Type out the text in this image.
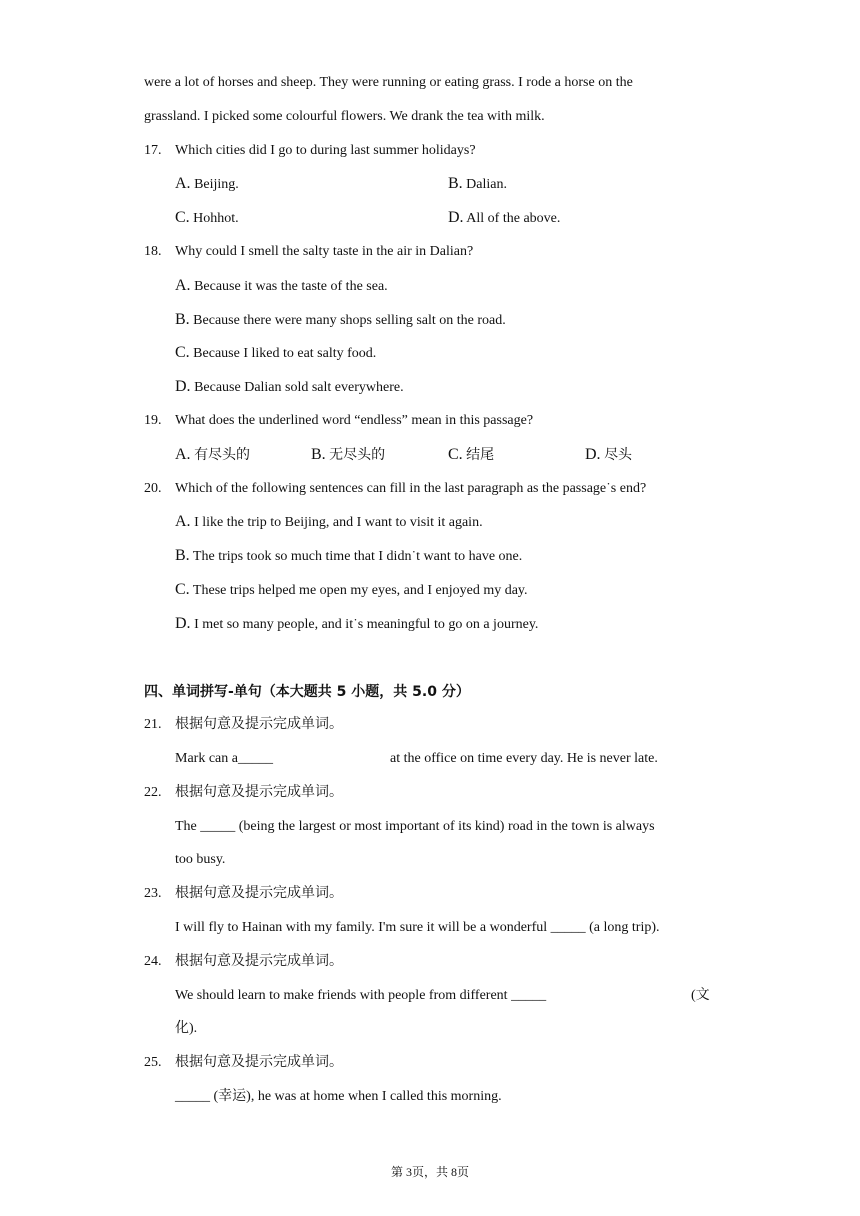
were a lot of horses and sheep. They were running or eating grass. I rode a horse on the
grassland. I picked some colourful flowers. We drank the tea with milk.
17. Which cities did I go to during last summer holidays?
A. Beijing.	B. Dalian.
C. Hohhot.	D. All of the above.
18. Why could I smell the salty taste in the air in Dalian?
A. Because it was the taste of the sea.
B. Because there were many shops selling salt on the road.
C. Because I liked to eat salty food.
D. Because Dalian sold salt everywhere.
19. What does the underlined word “endless” mean in this passage?
A. 有尽头的	B. 无尽头的	C. 结尾	D. 尽头
20. Which of the following sentences can fill in the last paragraph as the passage˙s end?
A. I like the trip to Beijing, and I want to visit it again.
B. The trips took so much time that I didn˙t want to have one.
C. These trips helped me open my eyes, and I enjoyed my day.
D. I met so many people, and it˙s meaningful to go on a journey.
四、单词拼写-单句（本大题共 5 小题，共 5.0 分）
21. 根据句意及提示完成单词。
Mark can a_____	at the office on time every day. He is never late.
22. 根据句意及提示完成单词。
The _____ (being the largest or most important of its kind) road in the town is always
too busy.
23. 根据句意及提示完成单词。
I will fly to Hainan with my family. I'm sure it will be a wonderful _____ (a long trip).
24. 根据句意及提示完成单词。
We should learn to make friends with people from different _____	(文
化).
25. 根据句意及提示完成单词。
_____ (幸运), he was at home when I called this morning.
第 3页，共 8页
